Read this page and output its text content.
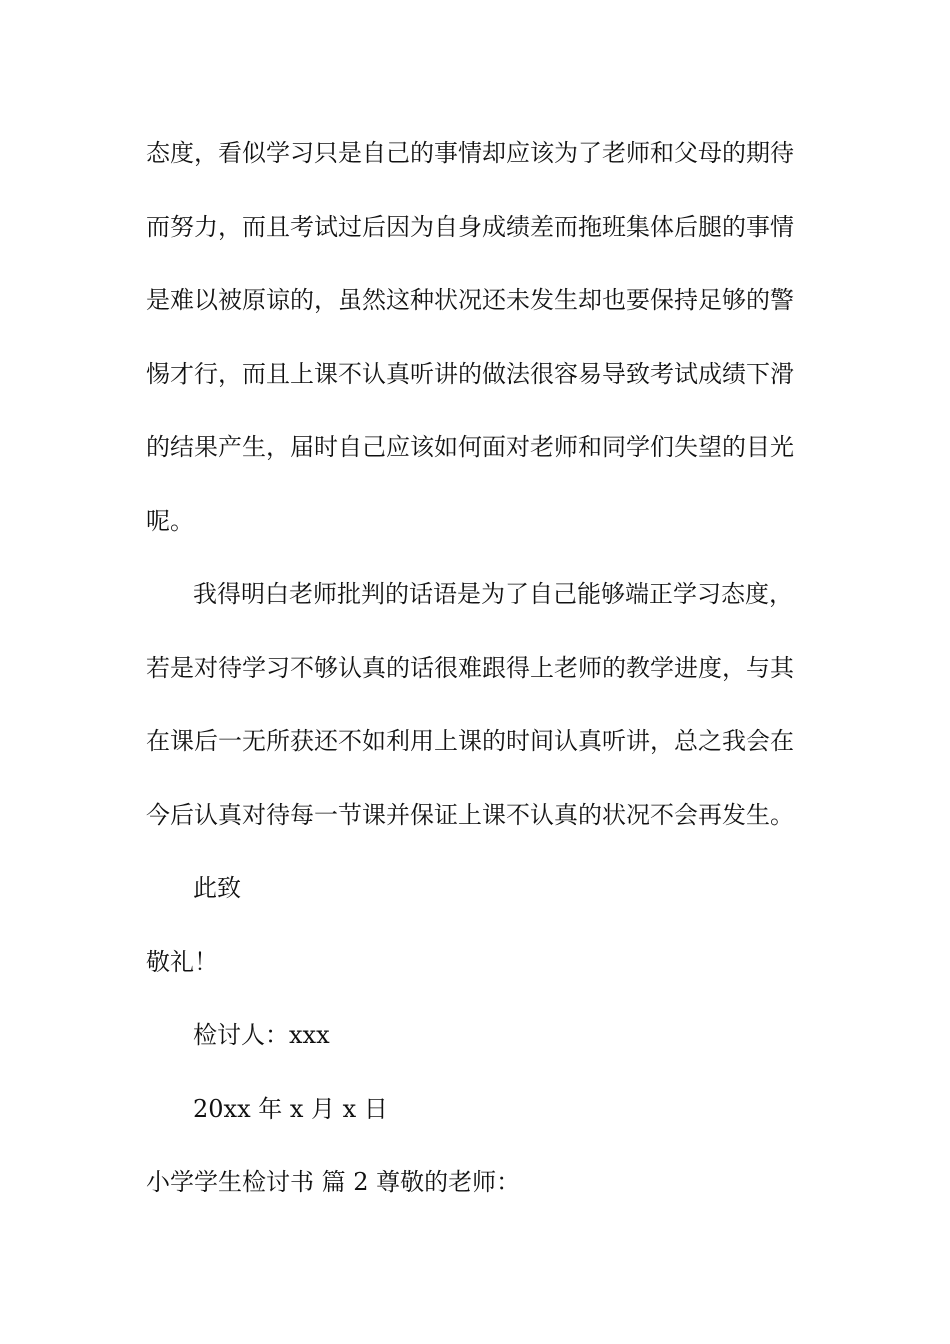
态度，看似学习只是自己的事情却应该为了老师和父母的期待
而努力，而且考试过后因为自身成绩差而拖班集体后腿的事情
是难以被原谅的，虽然这种状况还未发生却也要保持足够的警
惕才行，而且上课不认真听讲的做法很容易导致考试成绩下滑
的结果产生，届时自己应该如何面对老师和同学们失望的目光
呢。
我得明白老师批判的话语是为了自己能够端正学习态度，
若是对待学习不够认真的话很难跟得上老师的教学进度，与其
在课后一无所获还不如利用上课的时间认真听讲，总之我会在
今后认真对待每一节课并保证上课不认真的状况不会再发生。
此致
敬礼！
检讨人：xxx
20xx 年 x 月 x 日
小学学生检讨书 篇 2 尊敬的老师：
